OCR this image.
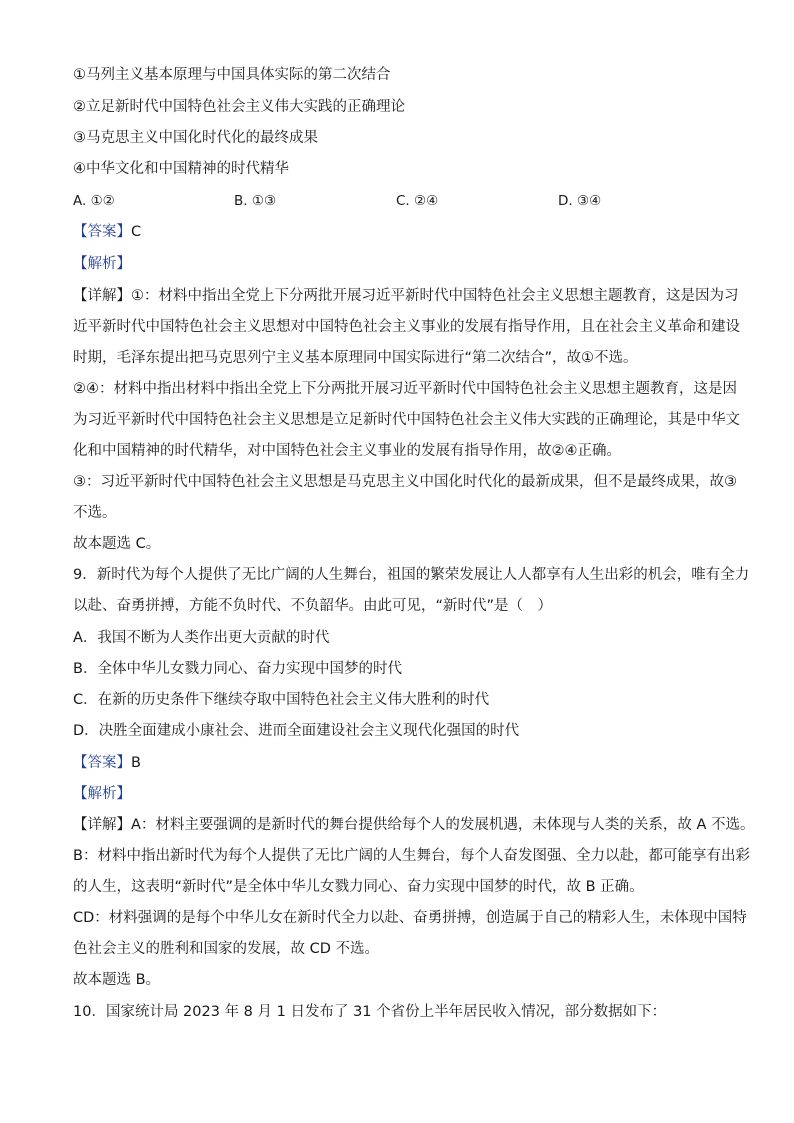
①马列主义基本原理与中国具体实际的第二次结合
②立足新时代中国特色社会主义伟大实践的正确理论
③马克思主义中国化时代化的最终成果
④中华文化和中国精神的时代精华
A. ①②	B. ①③	C. ②④	D. ③④
【答案】C
【解析】
【详解】①：材料中指出全党上下分两批开展习近平新时代中国特色社会主义思想主题教育，这是因为习
近平新时代中国特色社会主义思想对中国特色社会主义事业的发展有指导作用，且在社会主义革命和建设
时期，毛泽东提出把马克思列宁主义基本原理同中国实际进行“第二次结合”，故①不选。
②④：材料中指出材料中指出全党上下分两批开展习近平新时代中国特色社会主义思想主题教育，这是因
为习近平新时代中国特色社会主义思想是立足新时代中国特色社会主义伟大实践的正确理论，其是中华文
化和中国精神的时代精华，对中国特色社会主义事业的发展有指导作用，故②④正确。
③：习近平新时代中国特色社会主义思想是马克思主义中国化时代化的最新成果，但不是最终成果，故③
不选。
故本题选 C。
9．新时代为每个人提供了无比广阔的人生舞台，祖国的繁荣发展让人人都享有人生出彩的机会，唯有全力
以赴、奋勇拼搏，方能不负时代、不负韶华。由此可见，“新时代”是（　）
A．我国不断为人类作出更大贡献的时代
B．全体中华儿女戮力同心、奋力实现中国梦的时代
C．在新的历史条件下继续夺取中国特色社会主义伟大胜利的时代
D．决胜全面建成小康社会、进而全面建设社会主义现代化强国的时代
【答案】B
【解析】
【详解】A：材料主要强调的是新时代的舞台提供给每个人的发展机遇，未体现与人类的关系，故 A 不选。
B：材料中指出新时代为每个人提供了无比广阔的人生舞台，每个人奋发图强、全力以赴，都可能享有出彩
的人生，这表明“新时代”是全体中华儿女戮力同心、奋力实现中国梦的时代，故 B 正确。
CD：材料强调的是每个中华儿女在新时代全力以赴、奋勇拼搏，创造属于自己的精彩人生，未体现中国特
色社会主义的胜利和国家的发展，故 CD 不选。
故本题选 B。
10．国家统计局 2023 年 8 月 1 日发布了 31 个省份上半年居民收入情况，部分数据如下：
